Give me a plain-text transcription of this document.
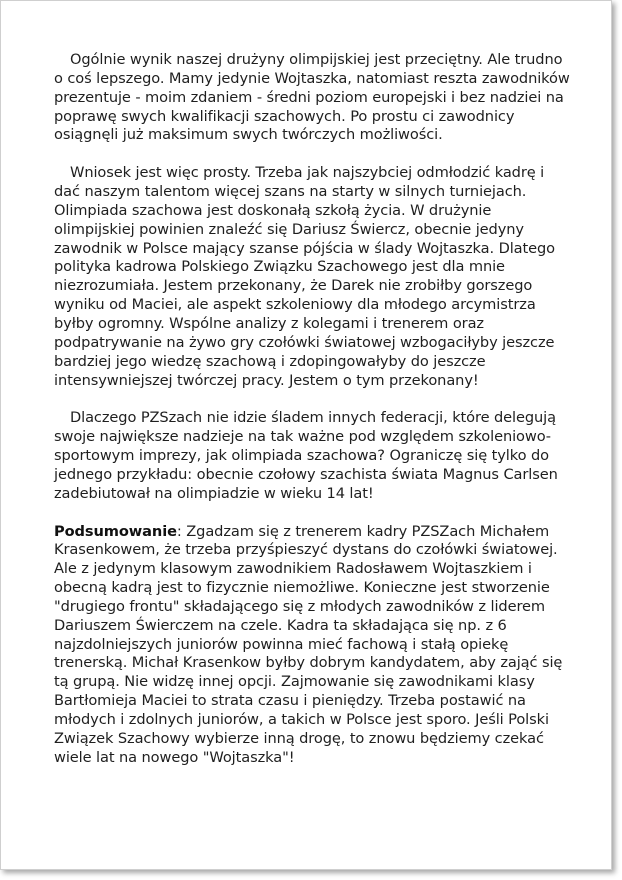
Ogólnie wynik naszej drużyny olimpijskiej jest przeciętny. Ale trudno o coś lepszego. Mamy jedynie Wojtaszka, natomiast reszta zawodników prezentuje - moim zdaniem - średni poziom europejski i bez nadziei na poprawę swych kwalifikacji szachowych. Po prostu ci zawodnicy osiągnęli już maksimum swych twórczych możliwości.

Wniosek jest więc prosty. Trzeba jak najszybciej odmłodzić kadrę i dać naszym talentom więcej szans na starty w silnych turniejach. Olimpiada szachowa jest doskonałą szkołą życia. W drużynie olimpijskiej powinien znaleźć się Dariusz Świercz, obecnie jedyny zawodnik w Polsce mający szanse pójścia w ślady Wojtaszka. Dlatego polityka kadrowa Polskiego Związku Szachowego jest dla mnie niezrozumiała. Jestem przekonany, że Darek nie zrobiłby gorszego wyniku od Maciei, ale aspekt szkoleniowy dla młodego arcymistrza byłby ogromny. Wspólne analizy z kolegami i trenerem oraz podpatrywanie na żywo gry czołówki światowej wzbogaciłyby jeszcze bardziej jego wiedzę szachową i zdopingowałyby do jeszcze intensywniejszej twórczej pracy. Jestem o tym przekonany!

Dlaczego PZSzach nie idzie śladem innych federacji, które delegują swoje największe nadzieje na tak ważne pod względem szkoleniowo-sportowym imprezy, jak olimpiada szachowa? Ograniczę się tylko do jednego przykładu: obecnie czołowy szachista świata Magnus Carlsen zadebiutował na olimpiadzie w wieku 14 lat!

Podsumowanie: Zgadzam się z trenerem kadry PZSZach Michałem Krasenkowem, że trzeba przyśpieszyć dystans do czołówki światowej. Ale z jedynym klasowym zawodnikiem Radosławem Wojtaszkiem i obecną kadrą jest to fizycznie niemożliwe. Konieczne jest stworzenie "drugiego frontu" składającego się z młodych zawodników z liderem Dariuszem Świerczem na czele. Kadra ta składająca się np. z 6 najzdolniejszych juniorów powinna mieć fachową i stałą opiekę trenerską. Michał Krasenkow byłby dobrym kandydatem, aby zająć się tą grupą. Nie widzę innej opcji. Zajmowanie się zawodnikami klasy Bartłomieja Maciei to strata czasu i pieniędzy. Trzeba postawić na młodych i zdolnych juniorów, a takich w Polsce jest sporo. Jeśli Polski Związek Szachowy wybierze inną drogę, to znowu będziemy czekać wiele lat na nowego "Wojtaszka"!
